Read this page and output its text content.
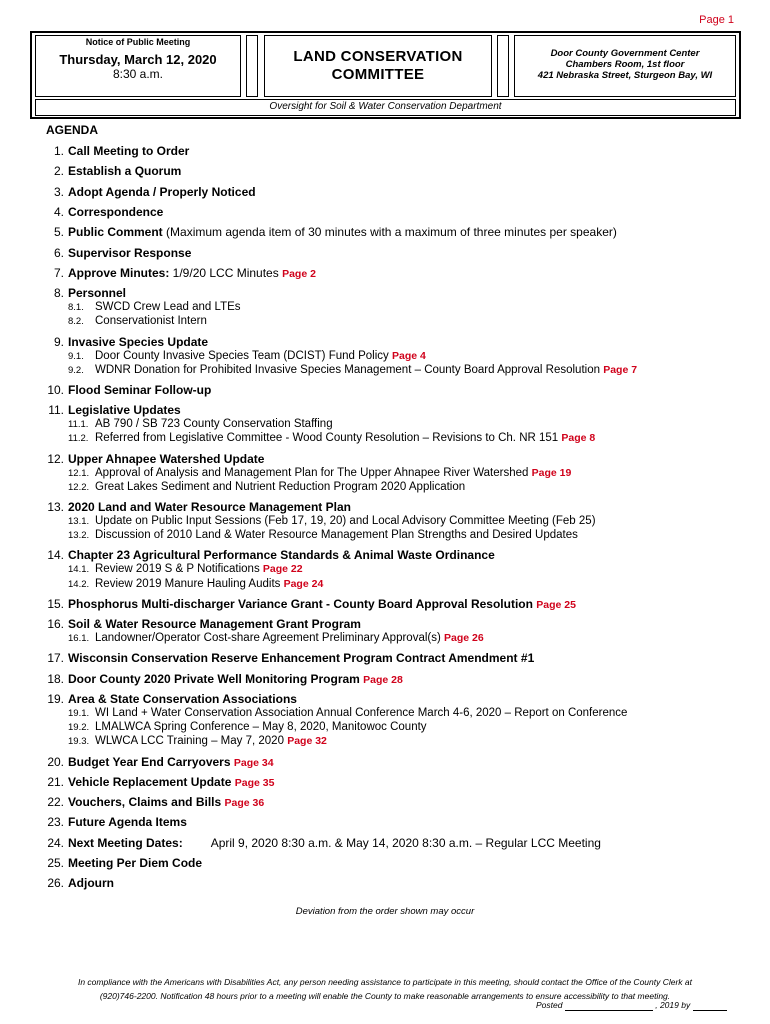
Page 1
Notice of Public Meeting
Thursday, March 12, 2020
8:30 a.m.
LAND CONSERVATION
COMMITTEE
Door County Government Center
Chambers Room, 1st floor
421 Nebraska Street, Sturgeon Bay, WI
Oversight for Soil & Water Conservation Department
AGENDA
1. Call Meeting to Order
2. Establish a Quorum
3. Adopt Agenda / Properly Noticed
4. Correspondence
5. Public Comment (Maximum agenda item of 30 minutes with a maximum of three minutes per speaker)
6. Supervisor Response
7. Approve Minutes: 1/9/20 LCC Minutes Page 2
8. Personnel
8.1. SWCD Crew Lead and LTEs
8.2. Conservationist Intern
9. Invasive Species Update
9.1. Door County Invasive Species Team (DCIST) Fund Policy Page 4
9.2. WDNR Donation for Prohibited Invasive Species Management – County Board Approval Resolution Page 7
10. Flood Seminar Follow-up
11. Legislative Updates
11.1. AB 790 / SB 723 County Conservation Staffing
11.2. Referred from Legislative Committee - Wood County Resolution – Revisions to Ch. NR 151 Page 8
12. Upper Ahnapee Watershed Update
12.1. Approval of Analysis and Management Plan for The Upper Ahnapee River Watershed Page 19
12.2. Great Lakes Sediment and Nutrient Reduction Program 2020 Application
13. 2020 Land and Water Resource Management Plan
13.1. Update on Public Input Sessions (Feb 17, 19, 20) and Local Advisory Committee Meeting (Feb 25)
13.2. Discussion of 2010 Land & Water Resource Management Plan Strengths and Desired Updates
14. Chapter 23 Agricultural Performance Standards & Animal Waste Ordinance
14.1. Review 2019 S & P Notifications Page 22
14.2. Review 2019 Manure Hauling Audits Page 24
15. Phosphorus Multi-discharger Variance Grant - County Board Approval Resolution Page 25
16. Soil & Water Resource Management Grant Program
16.1. Landowner/Operator Cost-share Agreement Preliminary Approval(s) Page 26
17. Wisconsin Conservation Reserve Enhancement Program Contract Amendment #1
18. Door County 2020 Private Well Monitoring Program Page 28
19. Area & State Conservation Associations
19.1. WI Land + Water Conservation Association Annual Conference March 4-6, 2020 – Report on Conference
19.2. LMALWCA Spring Conference – May 8, 2020, Manitowoc County
19.3. WLWCA LCC Training – May 7, 2020 Page 32
20. Budget Year End Carryovers Page 34
21. Vehicle Replacement Update Page 35
22. Vouchers, Claims and Bills Page 36
23. Future Agenda Items
24. Next Meeting Dates: April 9, 2020 8:30 a.m. & May 14, 2020 8:30 a.m. – Regular LCC Meeting
25. Meeting Per Diem Code
26. Adjourn
Deviation from the order shown may occur
In compliance with the Americans with Disabilities Act, any person needing assistance to participate in this meeting, should contact the Office of the County Clerk at
(920)746-2200. Notification 48 hours prior to a meeting will enable the County to make reasonable arrangements to ensure accessibility to that meeting.
Posted	, 2019 by
